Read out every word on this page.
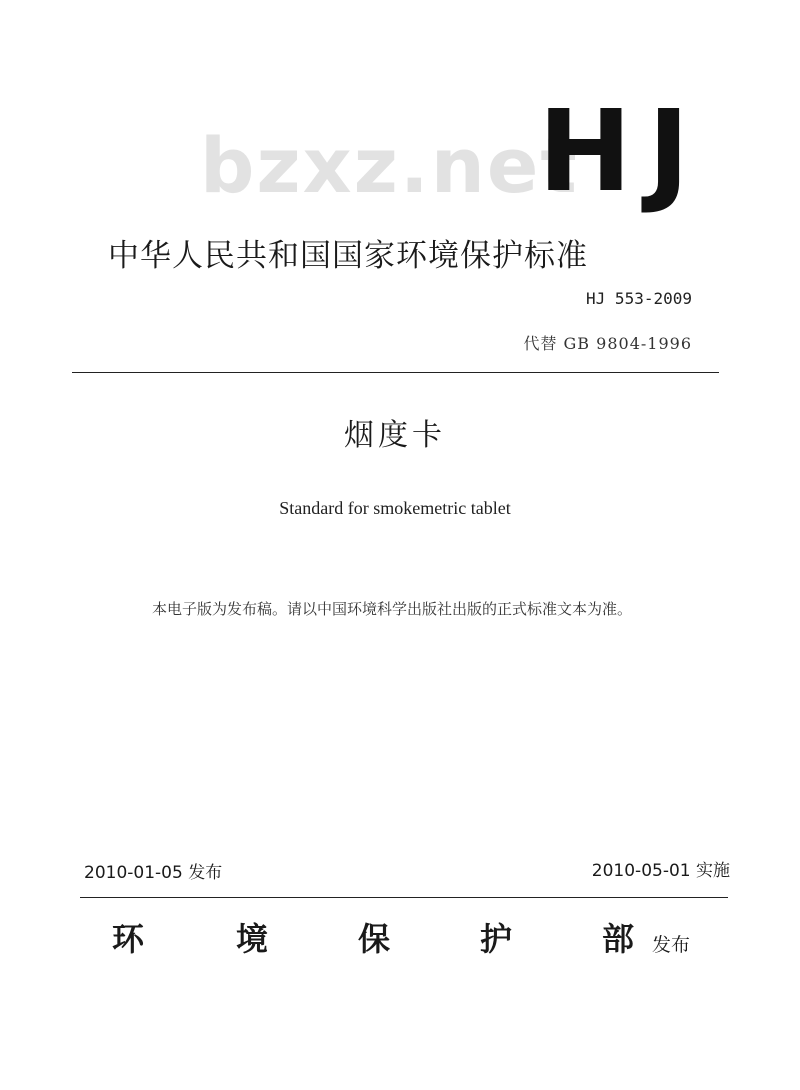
bzxz.net
HJ
中华人民共和国国家环境保护标准
HJ 553-2009
代替 GB 9804-1996
烟度卡
Standard for smokemetric tablet
本电子版为发布稿。请以中国环境科学出版社出版的正式标准文本为准。
2010-01-05 发布	2010-05-01 实施
环	境	保	护	部 发布
